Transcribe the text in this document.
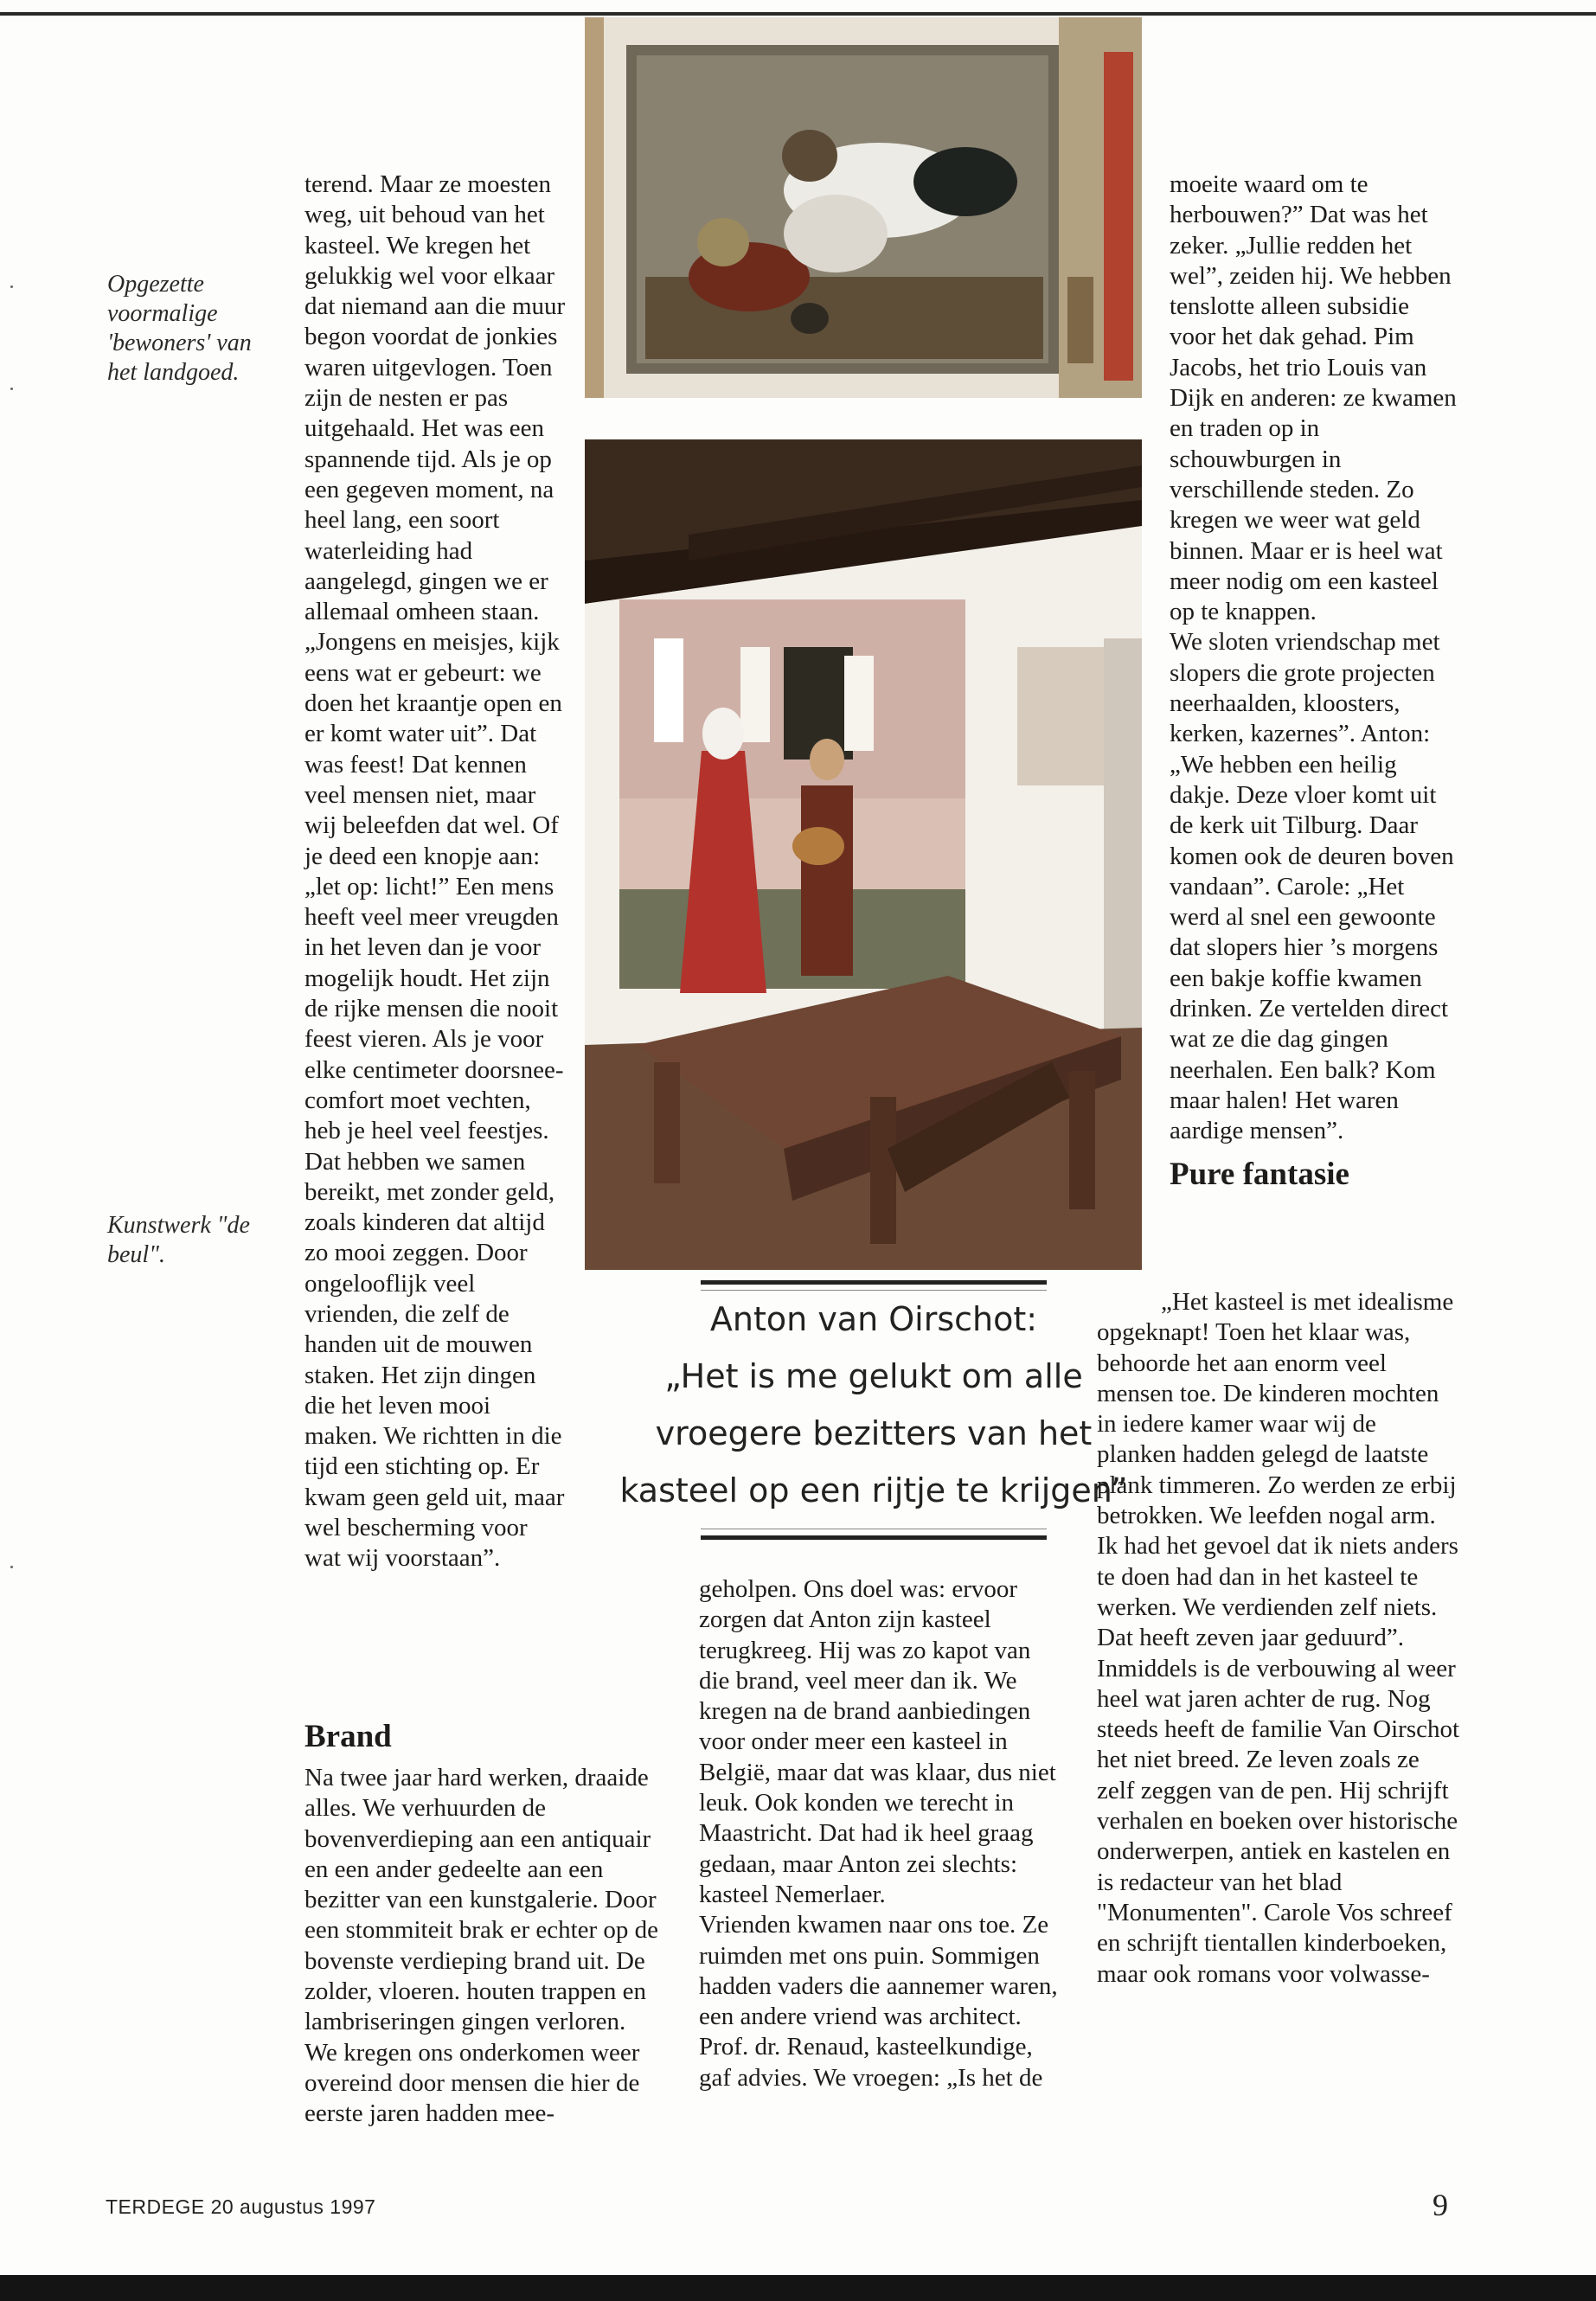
Opgezette voormalige 'bewoners' van het landgoed.
Kunstwerk "de beul".

terend. Maar ze moesten weg, uit behoud van het kasteel. We kregen het gelukkig wel voor elkaar dat niemand aan die muur begon voordat de jonkies waren uitgevlogen. Toen zijn de nesten er pas uitgehaald. Het was een spannende tijd. Als je op een gegeven moment, na heel lang, een soort waterleiding had aangelegd, gingen we er allemaal omheen staan. „Jongens en meisjes, kijk eens wat er gebeurt: we doen het kraantje open en er komt water uit”. Dat was feest! Dat kennen veel mensen niet, maar wij beleefden dat wel. Of je deed een knopje aan: „let op: licht!” Een mens heeft veel meer vreugden in het leven dan je voor mogelijk houdt. Het zijn de rijke mensen die nooit feest vieren. Als je voor elke centimeter doorsnee-comfort moet vechten, heb je heel veel feestjes. Dat hebben we samen bereikt, met zonder geld, zoals kinderen dat altijd zo mooi zeggen. Door ongelooflijk veel vrienden, die zelf de handen uit de mouwen staken. Het zijn dingen die het leven mooi maken. We richtten in die tijd een stichting op. Er kwam geen geld uit, maar wel bescherming voor wat wij voorstaan”.

Brand

Na twee jaar hard werken, draaide alles. We verhuurden de bovenverdieping aan een antiquair en een ander gedeelte aan een bezitter van een kunstgalerie. Door een stommiteit brak er echter op de bovenste verdieping brand uit. De zolder, vloeren. houten trappen en lambriseringen gingen verloren.

We kregen ons onderkomen weer overeind door mensen die hier de eerste jaren hadden mee-

geholpen. Ons doel was: ervoor zorgen dat Anton zijn kasteel terugkreeg. Hij was zo kapot van die brand, veel meer dan ik. We kregen na de brand aanbiedingen voor onder meer een kasteel in België, maar dat was klaar, dus niet leuk. Ook konden we terecht in Maastricht. Dat had ik heel graag gedaan, maar Anton zei slechts: kasteel Nemerlaer.

Vrienden kwamen naar ons toe. Ze ruimden met ons puin. Sommigen hadden vaders die aannemer waren, een andere vriend was architect. Prof. dr. Renaud, kasteelkundige, gaf advies. We vroegen: „Is het de

moeite waard om te herbouwen?” Dat was het zeker. „Jullie redden het wel”, zeiden hij. We hebben tenslotte alleen subsidie voor het dak gehad. Pim Jacobs, het trio Louis van Dijk en anderen: ze kwamen en traden op in schouwburgen in verschillende steden. Zo kregen we weer wat geld binnen. Maar er is heel wat meer nodig om een kasteel op te knappen.

We sloten vriendschap met slopers die grote projecten neerhaalden, kloosters, kerken, kazernes”. Anton: „We hebben een heilig dakje. Deze vloer komt uit de kerk uit Tilburg. Daar komen ook de deuren boven vandaan”. Carole: „Het werd al snel een gewoonte dat slopers hier ’s morgens een bakje koffie kwamen drinken. Ze vertelden direct wat ze die dag gingen neerhalen. Een balk? Kom maar halen! Het waren aardige mensen”.

Pure fantasie

„Het kasteel is met idealisme opgeknapt! Toen het klaar was, behoorde het aan enorm veel mensen toe. De kinderen mochten in iedere kamer waar wij de planken hadden gelegd de laatste plank timmeren. Zo werden ze erbij betrokken. We leefden nogal arm. Ik had het gevoel dat ik niets anders te doen had dan in het kasteel te werken. We verdienden zelf niets. Dat heeft zeven jaar geduurd”.

Inmiddels is de verbouwing al weer heel wat jaren achter de rug. Nog steeds heeft de familie Van Oirschot het niet breed. Ze leven zoals ze zelf zeggen van de pen. Hij schrijft verhalen en boeken over historische onderwerpen, antiek en kastelen en is redacteur van het blad "Monumenten". Carole Vos schreef en schrijft tientallen kinderboeken, maar ook romans voor volwasse-

Anton van Oirschot:

„Het is me gelukt om alle

vroegere bezitters van het

kasteel op een rijtje te krijgen”

TERDEGE 20 augustus 1997	9
